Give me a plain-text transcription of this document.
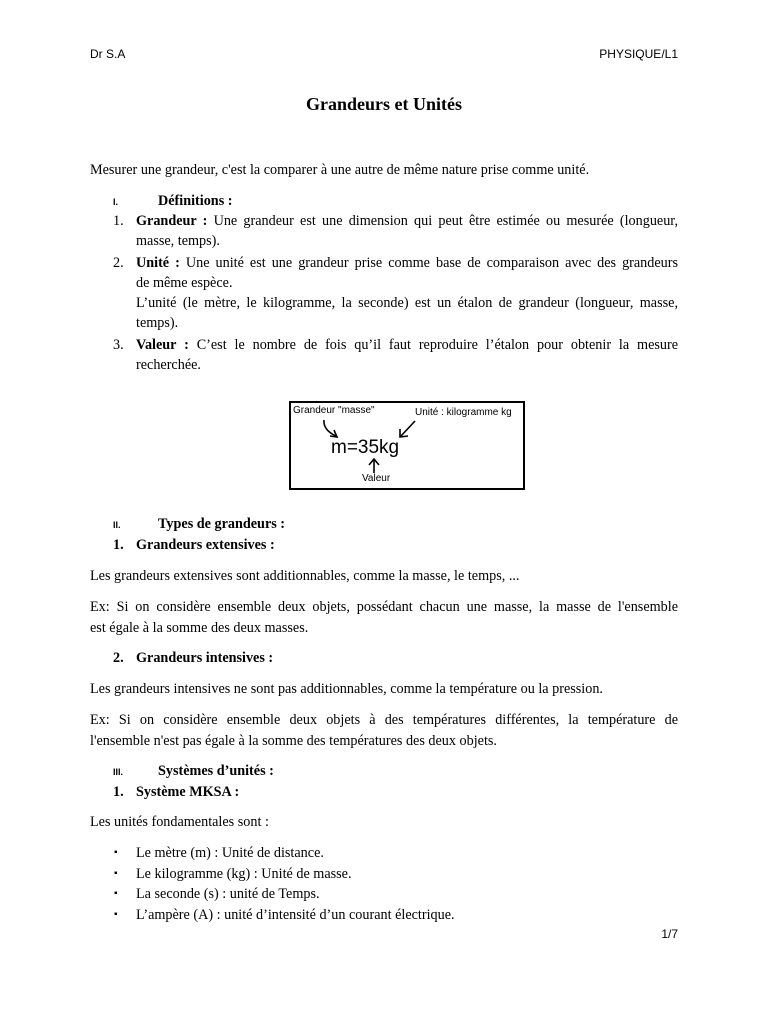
Dr S.A	PHYSIQUE/L1
Grandeurs et Unités
Mesurer une grandeur, c'est la comparer à une autre de même nature prise comme unité.
I.	Définitions :
1. Grandeur : Une grandeur est une dimension qui peut être estimée ou mesurée (longueur,
masse, temps).
2. Unité : Une unité est une grandeur prise comme base de comparaison avec des grandeurs
de même espèce.
L’unité (le mètre, le kilogramme, la seconde) est un étalon de grandeur (longueur, masse,
temps).
3. Valeur : C’est le nombre de fois qu’il faut reproduire l’étalon pour obtenir la mesure
recherchée.
Grandeur "masse"	Unité : kilogramme kg
m=35kg
Valeur
II.	Types de grandeurs :
1. Grandeurs extensives :
Les grandeurs extensives sont additionnables, comme la masse, le temps, ...
Ex: Si on considère ensemble deux objets, possédant chacun une masse, la masse de l'ensemble
est égale à la somme des deux masses.
2. Grandeurs intensives :
Les grandeurs intensives ne sont pas additionnables, comme la température ou la pression.
Ex: Si on considère ensemble deux objets à des températures différentes, la température de
l'ensemble n'est pas égale à la somme des températures des deux objets.
III. Systèmes d’unités :
1. Système MKSA :
Les unités fondamentales sont :
▪ Le mètre (m) : Unité de distance.
▪ Le kilogramme (kg) : Unité de masse.
▪ La seconde (s) : unité de Temps.
▪ L’ampère (A) : unité d’intensité d’un courant électrique.
1/7
